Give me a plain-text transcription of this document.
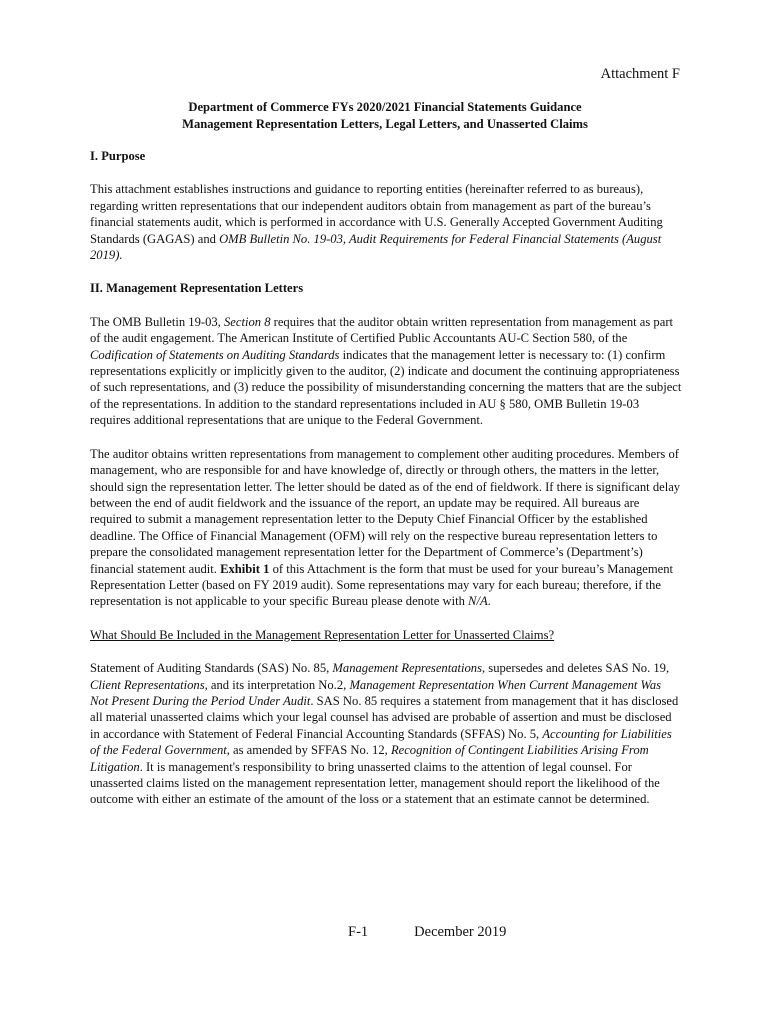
Attachment F
Department of Commerce FYs 2020/2021 Financial Statements Guidance
Management Representation Letters, Legal Letters, and Unasserted Claims

I. Purpose

This attachment establishes instructions and guidance to reporting entities (hereinafter referred to as bureaus), regarding written representations that our independent auditors obtain from management as part of the bureau’s financial statements audit, which is performed in accordance with U.S. Generally Accepted Government Auditing Standards (GAGAS) and OMB Bulletin No. 19-03, Audit Requirements for Federal Financial Statements (August 2019).

II. Management Representation Letters

The OMB Bulletin 19-03, Section 8 requires that the auditor obtain written representation from management as part of the audit engagement. The American Institute of Certified Public Accountants AU-C Section 580, of the Codification of Statements on Auditing Standards indicates that the management letter is necessary to: (1) confirm representations explicitly or implicitly given to the auditor, (2) indicate and document the continuing appropriateness of such representations, and (3) reduce the possibility of misunderstanding concerning the matters that are the subject of the representations. In addition to the standard representations included in AU § 580, OMB Bulletin 19-03 requires additional representations that are unique to the Federal Government.

The auditor obtains written representations from management to complement other auditing procedures. Members of management, who are responsible for and have knowledge of, directly or through others, the matters in the letter, should sign the representation letter. The letter should be dated as of the end of fieldwork. If there is significant delay between the end of audit fieldwork and the issuance of the report, an update may be required. All bureaus are required to submit a management representation letter to the Deputy Chief Financial Officer by the established deadline. The Office of Financial Management (OFM) will rely on the respective bureau representation letters to prepare the consolidated management representation letter for the Department of Commerce’s (Department’s) financial statement audit. Exhibit 1 of this Attachment is the form that must be used for your bureau’s Management Representation Letter (based on FY 2019 audit). Some representations may vary for each bureau; therefore, if the representation is not applicable to your specific Bureau please denote with N/A.

What Should Be Included in the Management Representation Letter for Unasserted Claims?

Statement of Auditing Standards (SAS) No. 85, Management Representations, supersedes and deletes SAS No. 19, Client Representations, and its interpretation No.2, Management Representation When Current Management Was Not Present During the Period Under Audit. SAS No. 85 requires a statement from management that it has disclosed all material unasserted claims which your legal counsel has advised are probable of assertion and must be disclosed in accordance with Statement of Federal Financial Accounting Standards (SFFAS) No. 5, Accounting for Liabilities of the Federal Government, as amended by SFFAS No. 12, Recognition of Contingent Liabilities Arising From Litigation. It is management's responsibility to bring unasserted claims to the attention of legal counsel. For unasserted claims listed on the management representation letter, management should report the likelihood of the outcome with either an estimate of the amount of the loss or a statement that an estimate cannot be determined.

F-1	December 2019
